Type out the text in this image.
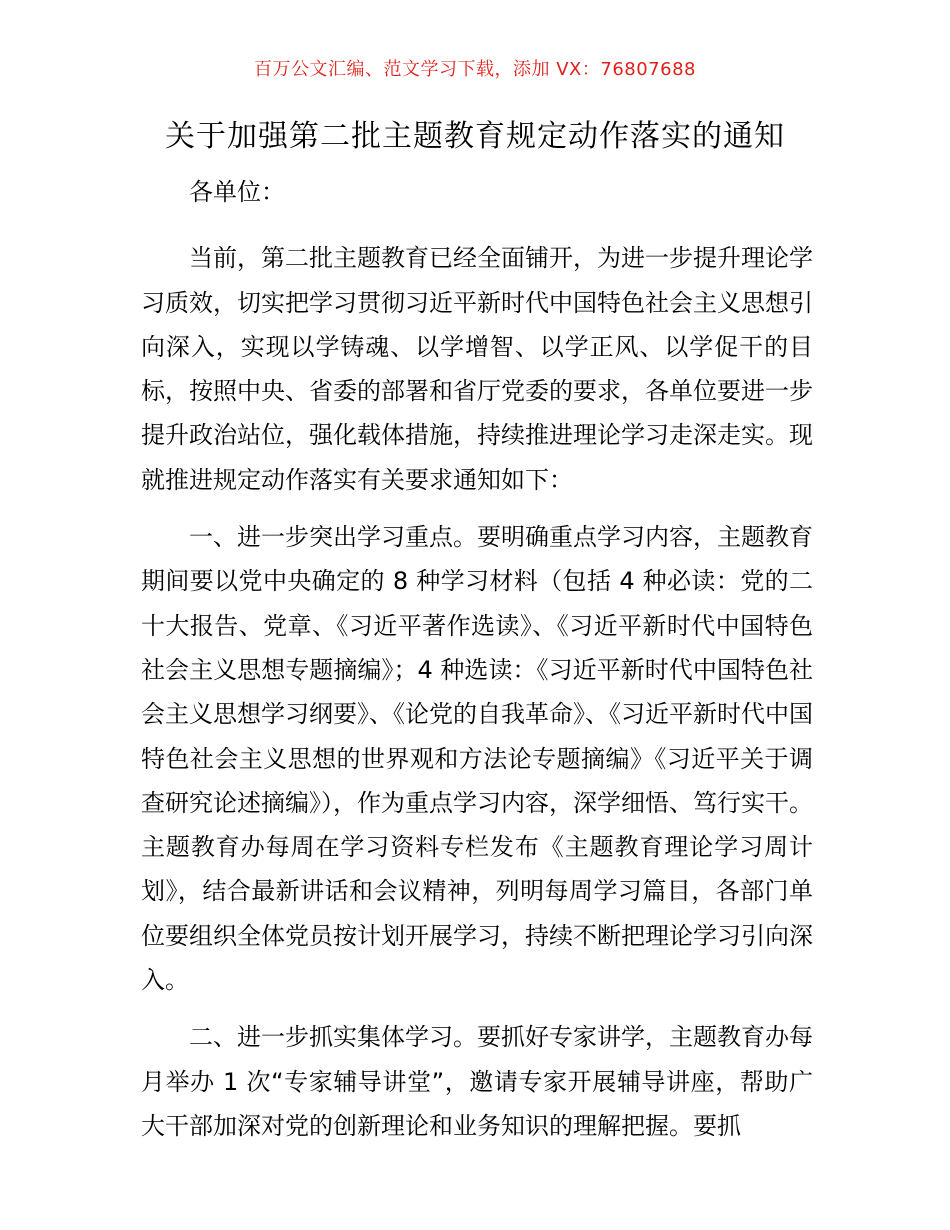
百万公文汇编、范文学习下载，添加 VX：76807688
关于加强第二批主题教育规定动作落实的通知

各单位：

当前，第二批主题教育已经全面铺开，为进一步提升理论学习质效，切实把学习贯彻习近平新时代中国特色社会主义思想引向深入，实现以学铸魂、以学增智、以学正风、以学促干的目标，按照中央、省委的部署和省厅党委的要求，各单位要进一步提升政治站位，强化载体措施，持续推进理论学习走深走实。现就推进规定动作落实有关要求通知如下：

一、进一步突出学习重点。要明确重点学习内容，主题教育期间要以党中央确定的 8 种学习材料（包括 4 种必读：党的二十大报告、党章、《习近平著作选读》、《习近平新时代中国特色社会主义思想专题摘编》；4 种选读：《习近平新时代中国特色社会主义思想学习纲要》、《论党的自我革命》、《习近平新时代中国特色社会主义思想的世界观和方法论专题摘编》《习近平关于调查研究论述摘编》），作为重点学习内容，深学细悟、笃行实干。主题教育办每周在学习资料专栏发布《主题教育理论学习周计划》，结合最新讲话和会议精神，列明每周学习篇目，各部门单位要组织全体党员按计划开展学习，持续不断把理论学习引向深入。

二、进一步抓实集体学习。要抓好专家讲学，主题教育办每月举办 1 次“专家辅导讲堂”，邀请专家开展辅导讲座，帮助广大干部加深对党的创新理论和业务知识的理解把握。要抓
